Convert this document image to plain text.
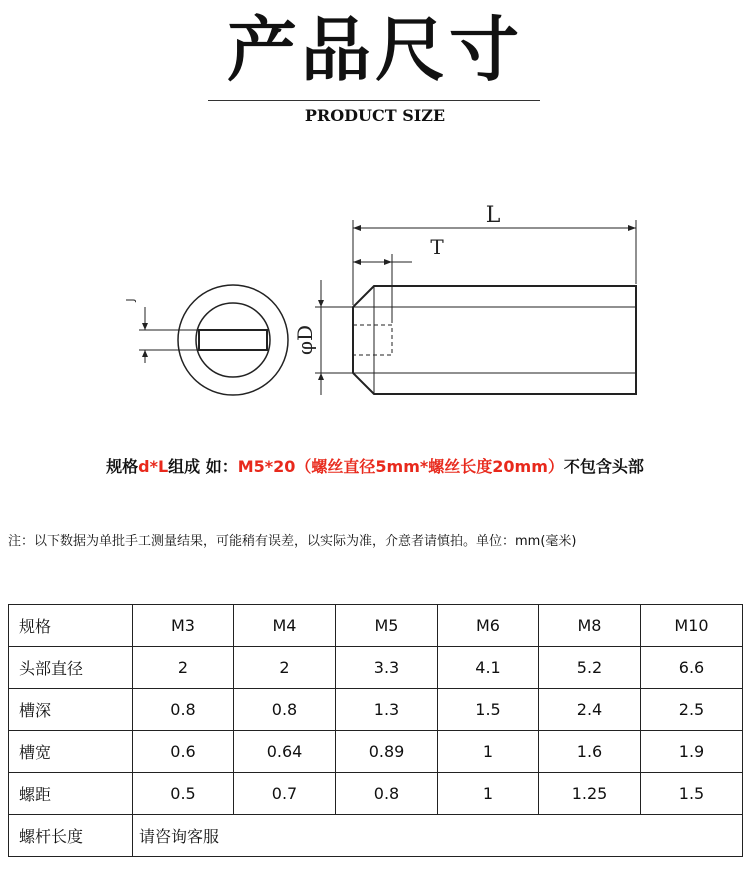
产品尺寸
PRODUCT SIZE
L
T
φD
J
规格d*L组成 如：M5*20（螺丝直径5mm*螺丝长度20mm）不包含头部
注：以下数据为单批手工测量结果，可能稍有误差，以实际为准，介意者请慎拍。单位：mm(毫米)
规格	M3	M4	M5	M6	M8	M10
头部直径	2	2	3.3	4.1	5.2	6.6
槽深	0.8	0.8	1.3	1.5	2.4	2.5
槽宽	0.6	0.64	0.89	1	1.6	1.9
螺距	0.5	0.7	0.8	1	1.25	1.5
螺杆长度	请咨询客服					
